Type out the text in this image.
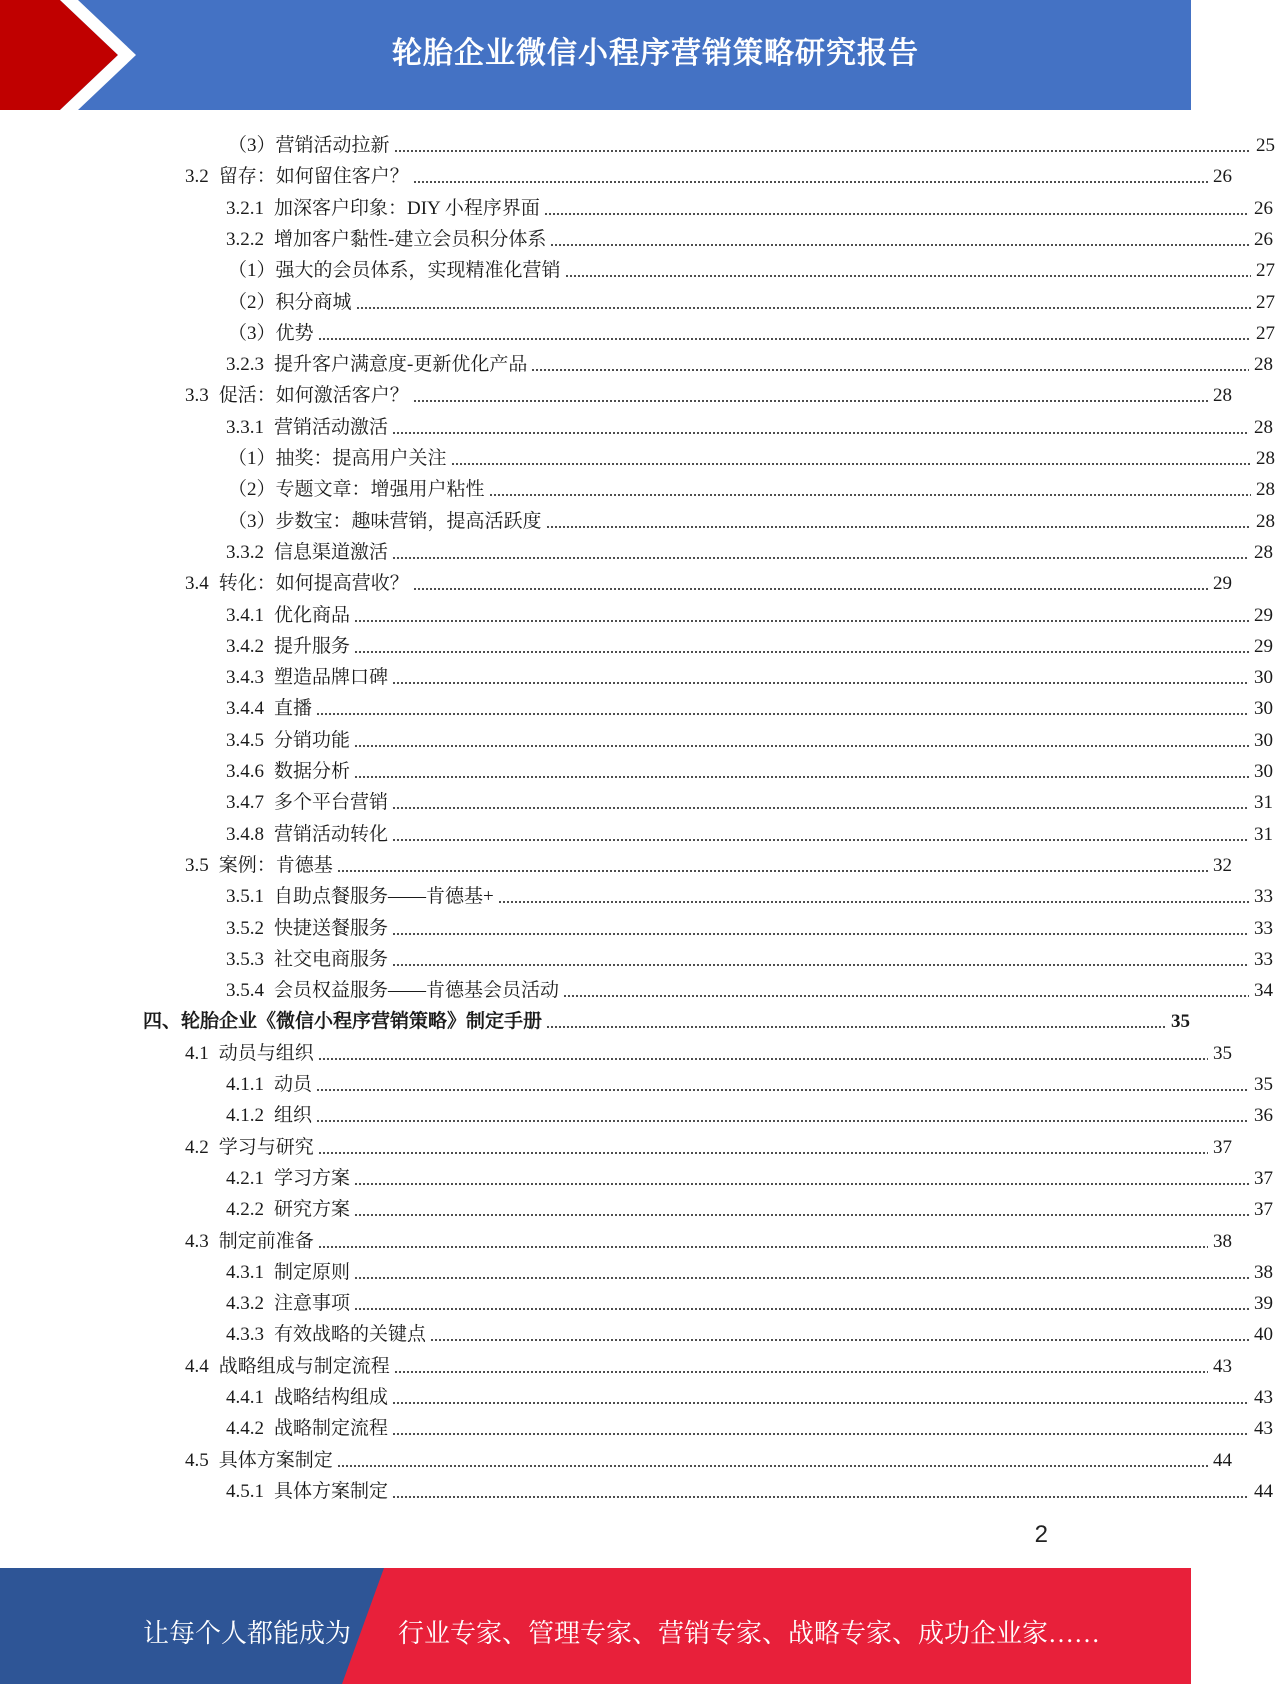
轮胎企业微信小程序营销策略研究报告
（3）营销活动拉新	25
3.2 留存：如何留住客户？	26
3.2.1 加深客户印象：DIY 小程序界面	26
3.2.2 增加客户黏性-建立会员积分体系	26
（1）强大的会员体系，实现精准化营销	27
（2）积分商城	27
（3）优势	27
3.2.3 提升客户满意度-更新优化产品	28
3.3 促活：如何激活客户？	28
3.3.1 营销活动激活	28
（1）抽奖：提高用户关注	28
（2）专题文章：增强用户粘性	28
（3）步数宝：趣味营销，提高活跃度	28
3.3.2 信息渠道激活	28
3.4 转化：如何提高营收？	29
3.4.1 优化商品	29
3.4.2 提升服务	29
3.4.3 塑造品牌口碑	30
3.4.4 直播	30
3.4.5 分销功能	30
3.4.6 数据分析	30
3.4.7 多个平台营销	31
3.4.8 营销活动转化	31
3.5 案例：肯德基	32
3.5.1 自助点餐服务——肯德基+	33
3.5.2 快捷送餐服务	33
3.5.3 社交电商服务	33
3.5.4 会员权益服务——肯德基会员活动	34
四、轮胎企业《微信小程序营销策略》制定手册	35
4.1 动员与组织	35
4.1.1 动员	35
4.1.2 组织	36
4.2 学习与研究	37
4.2.1 学习方案	37
4.2.2 研究方案	37
4.3 制定前准备	38
4.3.1 制定原则	38
4.3.2 注意事项	39
4.3.3 有效战略的关键点	40
4.4 战略组成与制定流程	43
4.4.1 战略结构组成	43
4.4.2 战略制定流程	43
4.5 具体方案制定	44
4.5.1 具体方案制定	44
2
让每个人都能成为 行业专家、管理专家、营销专家、战略专家、成功企业家……
